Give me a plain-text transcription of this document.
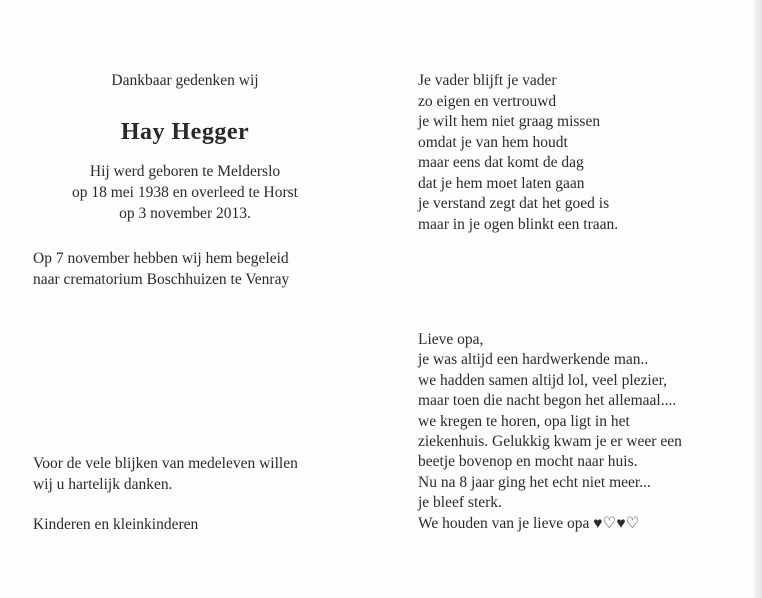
Dankbaar gedenken wij

Hay Hegger
Hij werd geboren te Melderslo
op 18 mei 1938 en overleed te Horst
op 3 november 2013.
Op 7 november hebben wij hem begeleid
naar crematorium Boschhuizen te Venray
Voor de vele blijken van medeleven willen
wij u hartelijk danken.
Kinderen en kleinkinderen
Je vader blijft je vader
zo eigen en vertrouwd
je wilt hem niet graag missen
omdat je van hem houdt
maar eens dat komt de dag
dat je hem moet laten gaan
je verstand zegt dat het goed is
maar in je ogen blinkt een traan.
Lieve opa,
je was altijd een hardwerkende man..
we hadden samen altijd lol, veel plezier,
maar toen die nacht begon het allemaal....
we kregen te horen, opa ligt in het
ziekenhuis. Gelukkig kwam je er weer een
beetje bovenop en mocht naar huis.
Nu na 8 jaar ging het echt niet meer...
je bleef sterk.
We houden van je lieve opa ♥♡♥♡
